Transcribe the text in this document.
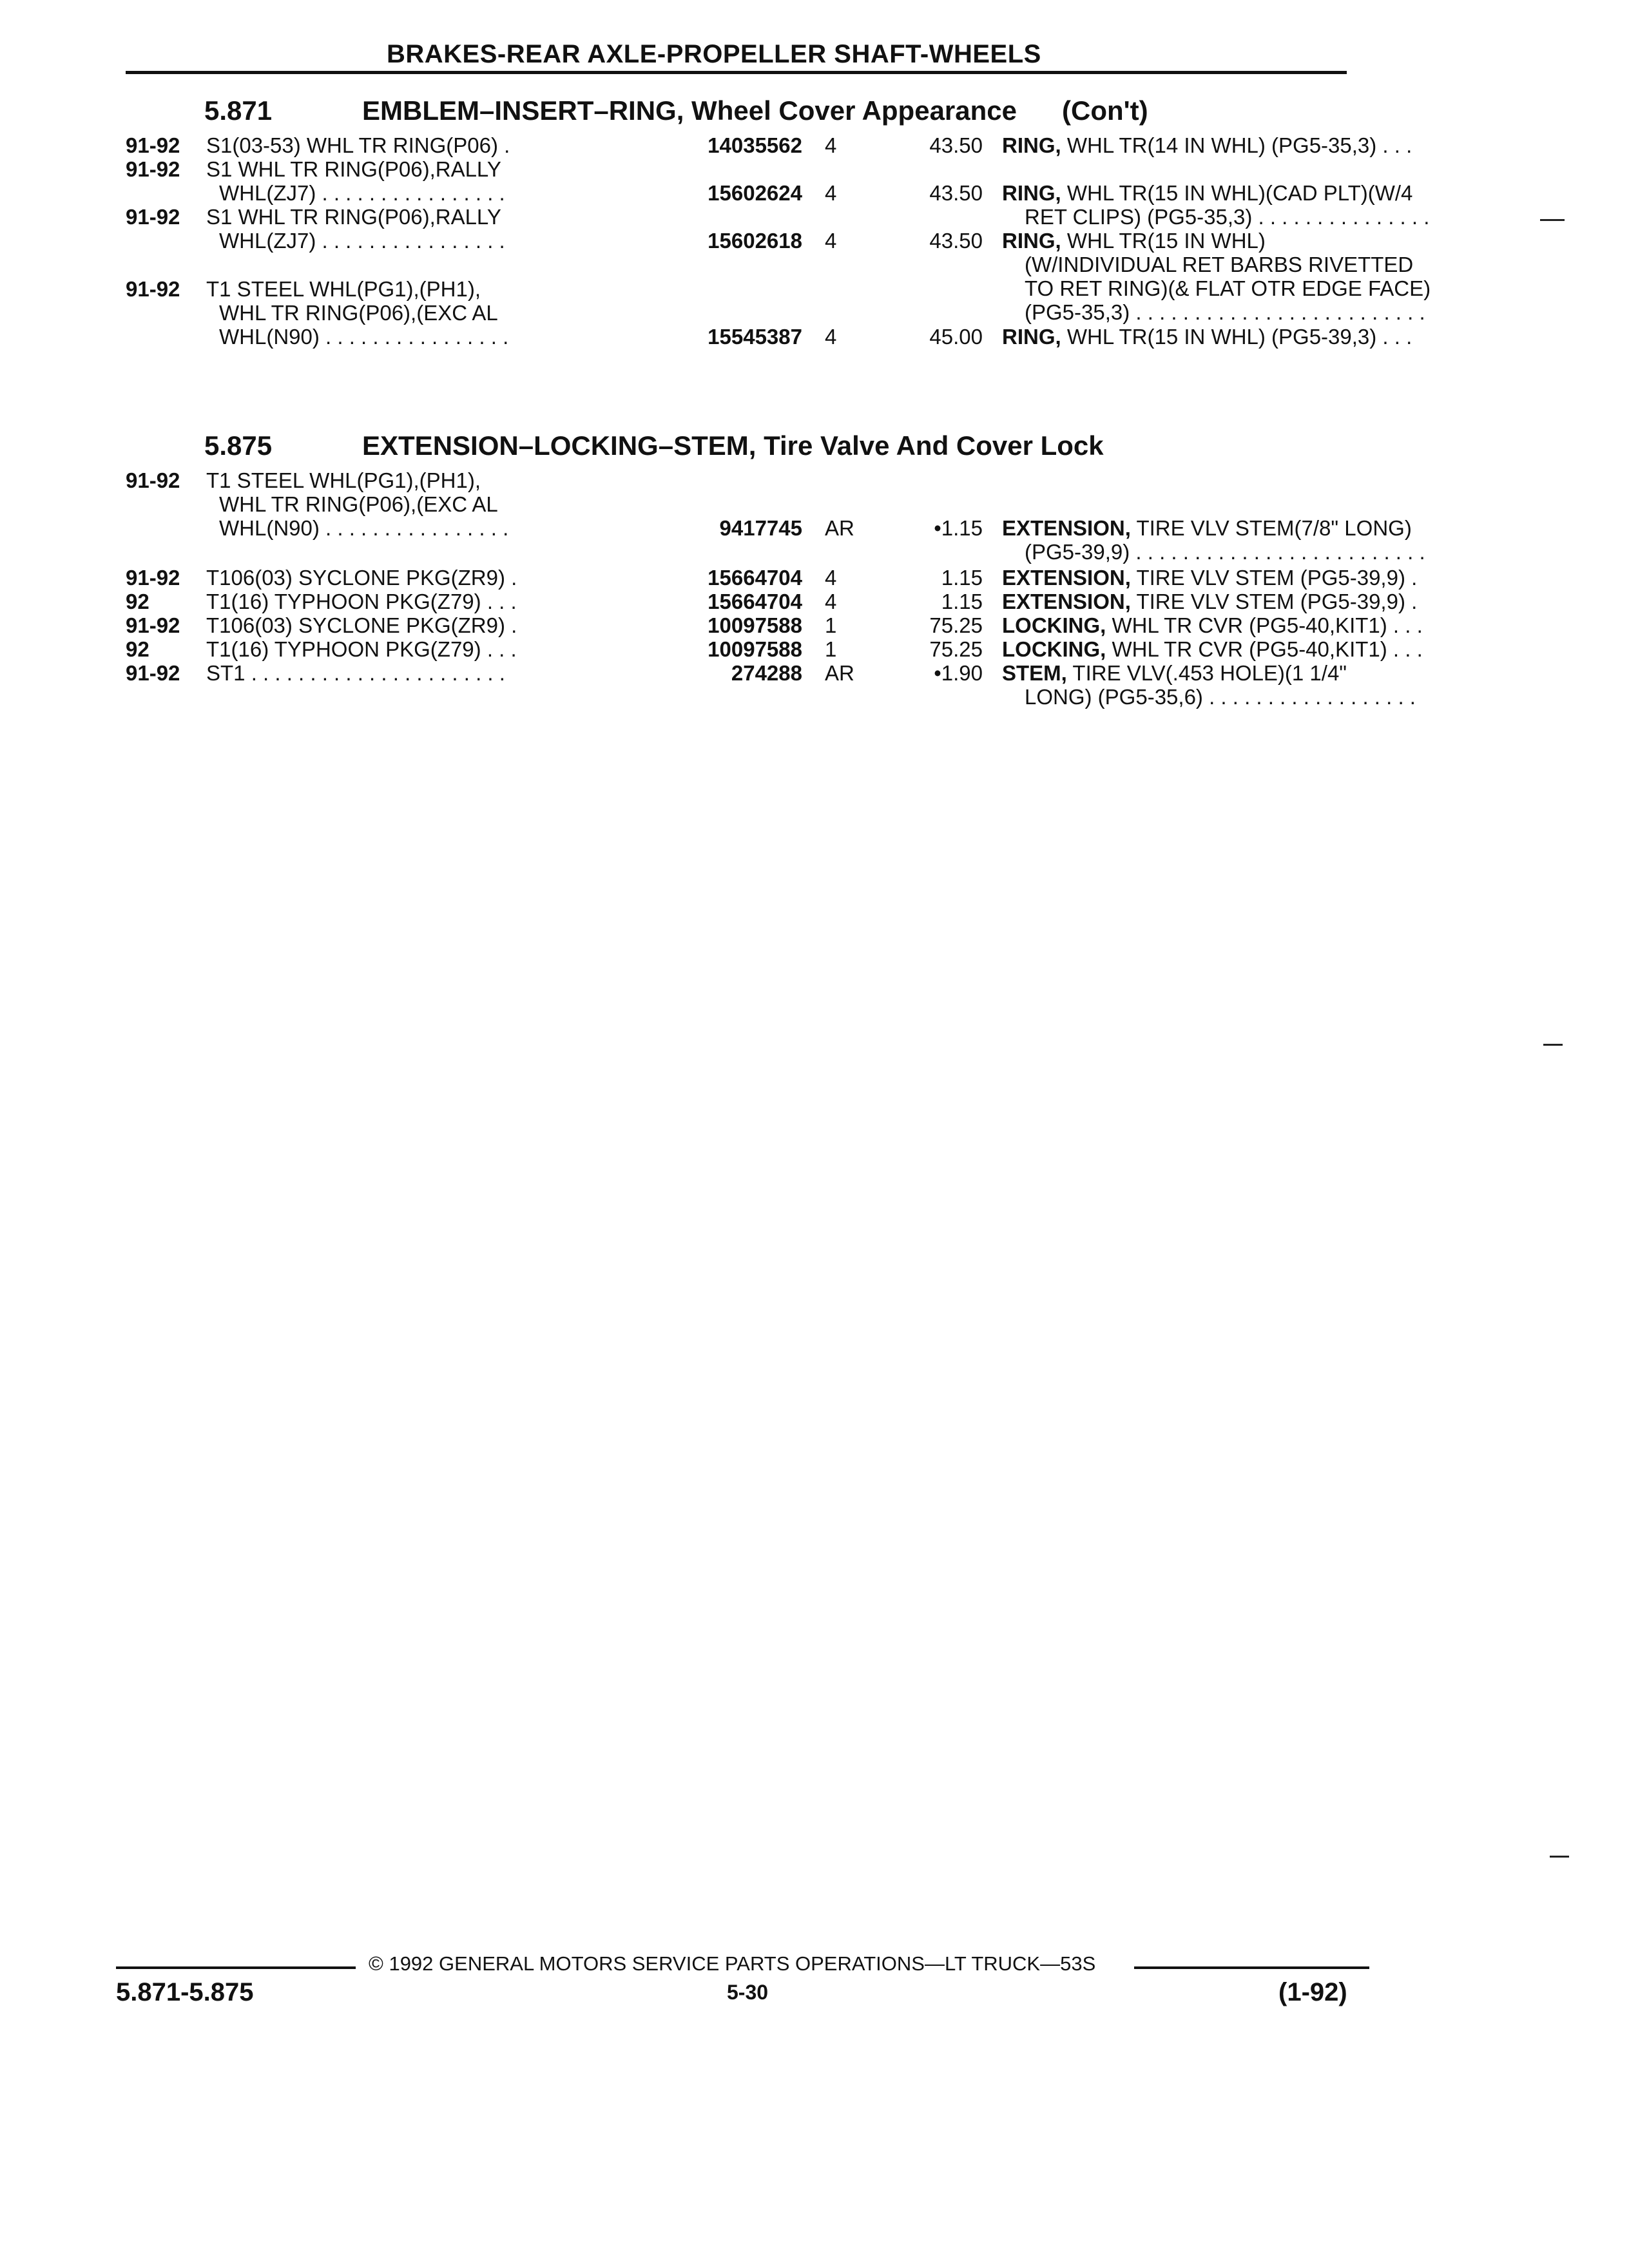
BRAKES-REAR AXLE-PROPELLER SHAFT-WHEELS
5.871	EMBLEM–INSERT–RING, Wheel Cover Appearance (Con't)
91-92 S1(03-53) WHL TR RING(P06) .	14035562 4	43.50 RING, WHL TR(14 IN WHL) (PG5-35,3) . . .
91-92 S1 WHL TR RING(P06),RALLY
WHL(ZJ7) . . . . . . . . . . . . . . . .	15602624 4	43.50 RING, WHL TR(15 IN WHL)(CAD PLT)(W/4
RET CLIPS) (PG5-35,3) . . . . . . . . . . . . . . .
91-92 S1 WHL TR RING(P06),RALLY
WHL(ZJ7) . . . . . . . . . . . . . . . .	15602618 4	43.50 RING, WHL TR(15 IN WHL)
(W/INDIVIDUAL RET BARBS RIVETTED
TO RET RING)(& FLAT OTR EDGE FACE)
(PG5-35,3) . . . . . . . . . . . . . . . . . . . . . . . . .
91-92 T1 STEEL WHL(PG1),(PH1),
WHL TR RING(P06),(EXC AL
WHL(N90) . . . . . . . . . . . . . . . .	15545387 4	45.00 RING, WHL TR(15 IN WHL) (PG5-39,3) . . .
5.875	EXTENSION–LOCKING–STEM, Tire Valve And Cover Lock
91-92 T1 STEEL WHL(PG1),(PH1),
WHL TR RING(P06),(EXC AL
WHL(N90) . . . . . . . . . . . . . . . .	9417745 AR	•1.15 EXTENSION, TIRE VLV STEM(7/8" LONG)
(PG5-39,9) . . . . . . . . . . . . . . . . . . . . . . . . .
91-92 T106(03) SYCLONE PKG(ZR9) .	15664704 4	1.15 EXTENSION, TIRE VLV STEM (PG5-39,9) .
92	T1(16) TYPHOON PKG(Z79) . . .	15664704 4	1.15 EXTENSION, TIRE VLV STEM (PG5-39,9) .
91-92 T106(03) SYCLONE PKG(ZR9) .	10097588 1	75.25 LOCKING, WHL TR CVR (PG5-40,KIT1) . . .
92	T1(16) TYPHOON PKG(Z79) . . .	10097588 1	75.25 LOCKING, WHL TR CVR (PG5-40,KIT1) . . .
91-92 ST1 . . . . . . . . . . . . . . . . . . . . . .	274288 AR	•1.90 STEM, TIRE VLV(.453 HOLE)(1 1/4"
LONG) (PG5-35,6) . . . . . . . . . . . . . . . . . .
© 1992 GENERAL MOTORS SERVICE PARTS OPERATIONS—LT TRUCK—53S
5.871-5.875	5-30	(1-92)
